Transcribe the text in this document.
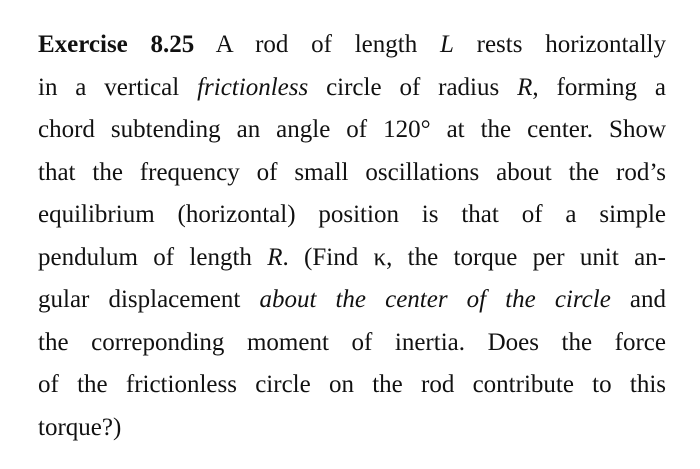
Exercise 8.25 A rod of length L rests horizontally
in a vertical frictionless circle of radius R, forming a
chord subtending an angle of 120° at the center. Show
that the frequency of small oscillations about the rod’s
equilibrium (horizontal) position is that of a simple
pendulum of length R. (Find κ, the torque per unit an-
gular displacement about the center of the circle and
the correponding moment of inertia. Does the force
of the frictionless circle on the rod contribute to this
torque?)
